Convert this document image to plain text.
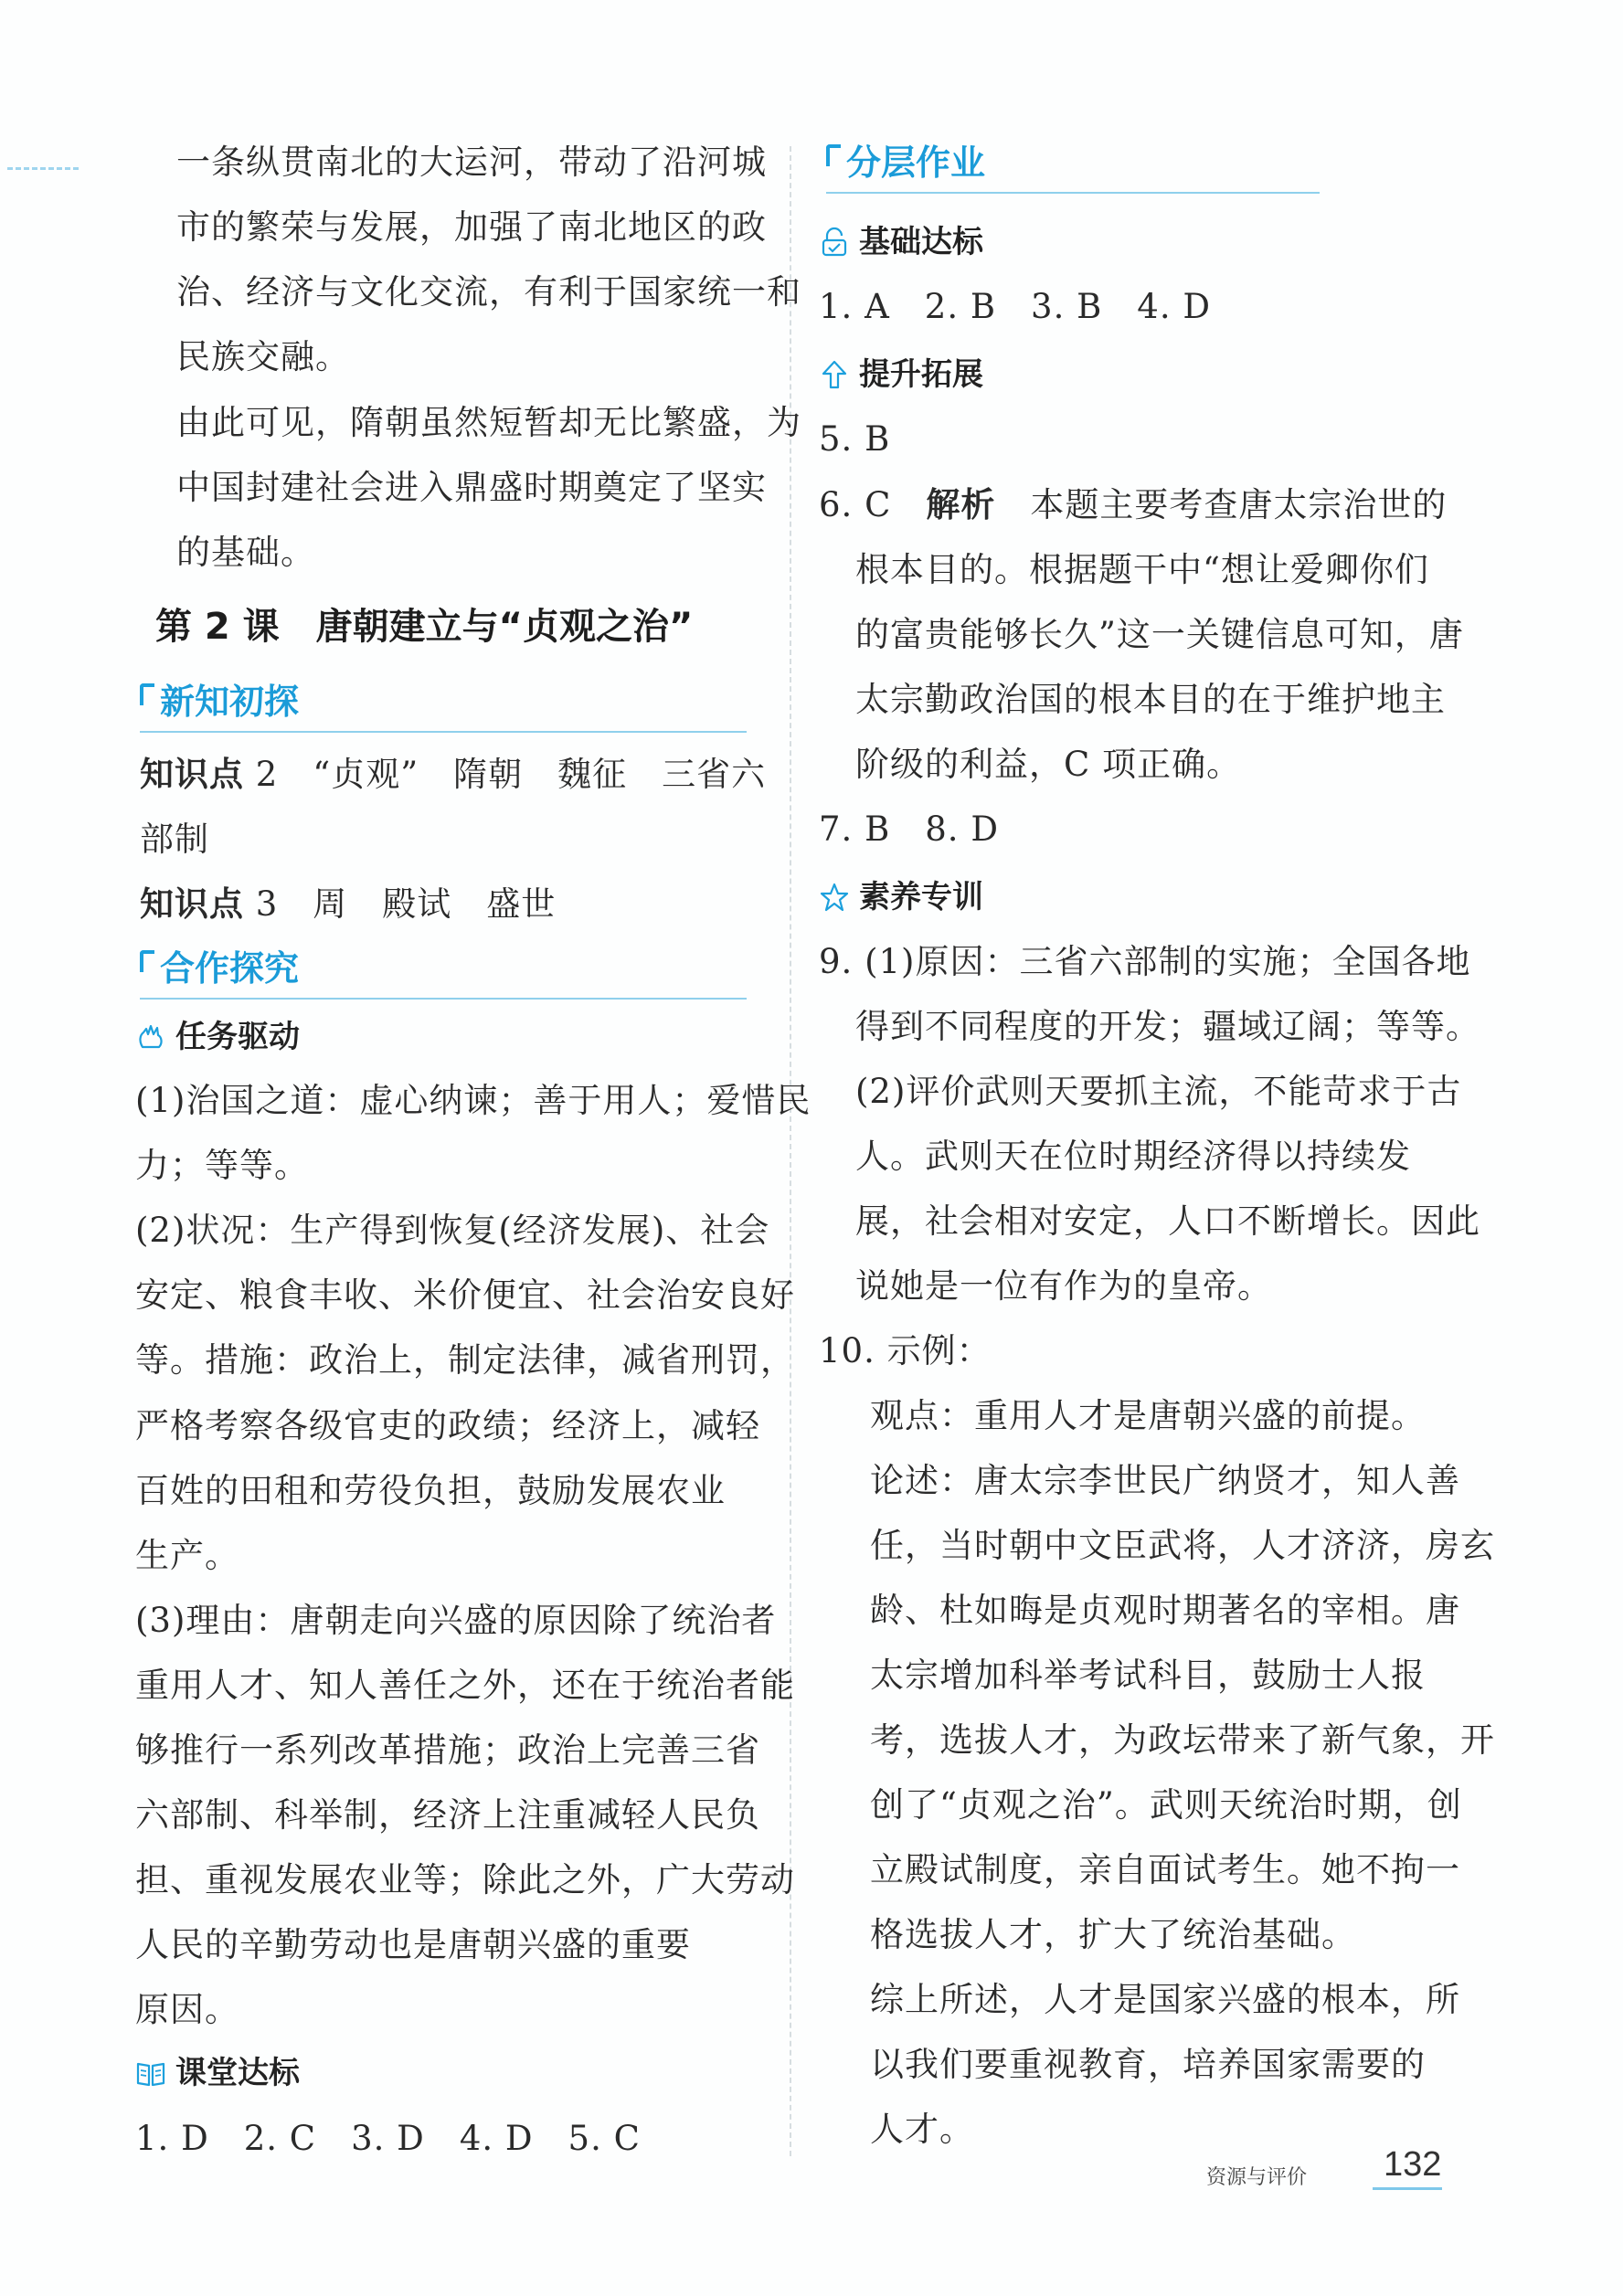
一条纵贯南北的大运河，带动了沿河城
市的繁荣与发展，加强了南北地区的政
治、经济与文化交流，有利于国家统一和
民族交融。
由此可见，隋朝虽然短暂却无比繁盛，为
中国封建社会进入鼎盛时期奠定了坚实
的基础。
第 2 课　唐朝建立与“贞观之治”
新知初探
知识点 2　“贞观”　隋朝　魏征　三省六
部制
知识点 3　周　殿试　盛世
合作探究
任务驱动
(1)治国之道：虚心纳谏；善于用人；爱惜民
力；等等。
(2)状况：生产得到恢复(经济发展)、社会
安定、粮食丰收、米价便宜、社会治安良好
等。措施：政治上，制定法律，减省刑罚，
严格考察各级官吏的政绩；经济上，减轻
百姓的田租和劳役负担，鼓励发展农业
生产。
(3)理由：唐朝走向兴盛的原因除了统治者
重用人才、知人善任之外，还在于统治者能
够推行一系列改革措施；政治上完善三省
六部制、科举制，经济上注重减轻人民负
担、重视发展农业等；除此之外，广大劳动
人民的辛勤劳动也是唐朝兴盛的重要
原因。
课堂达标
1. D　2. C　3. D　4. D　5. C
分层作业
基础达标
1. A　2. B　3. B　4. D
提升拓展
5. B
6. C　解析　本题主要考查唐太宗治世的
根本目的。根据题干中“想让爱卿你们
的富贵能够长久”这一关键信息可知，唐
太宗勤政治国的根本目的在于维护地主
阶级的利益，C 项正确。
7. B　8. D
素养专训
9. (1)原因：三省六部制的实施；全国各地
得到不同程度的开发；疆域辽阔；等等。
(2)评价武则天要抓主流，不能苛求于古
人。武则天在位时期经济得以持续发
展，社会相对安定，人口不断增长。因此
说她是一位有作为的皇帝。
10. 示例：
观点：重用人才是唐朝兴盛的前提。
论述：唐太宗李世民广纳贤才，知人善
任，当时朝中文臣武将，人才济济，房玄
龄、杜如晦是贞观时期著名的宰相。唐
太宗增加科举考试科目，鼓励士人报
考，选拔人才，为政坛带来了新气象，开
创了“贞观之治”。武则天统治时期，创
立殿试制度，亲自面试考生。她不拘一
格选拔人才，扩大了统治基础。
综上所述，人才是国家兴盛的根本，所
以我们要重视教育，培养国家需要的
人才。
资源与评价 132
